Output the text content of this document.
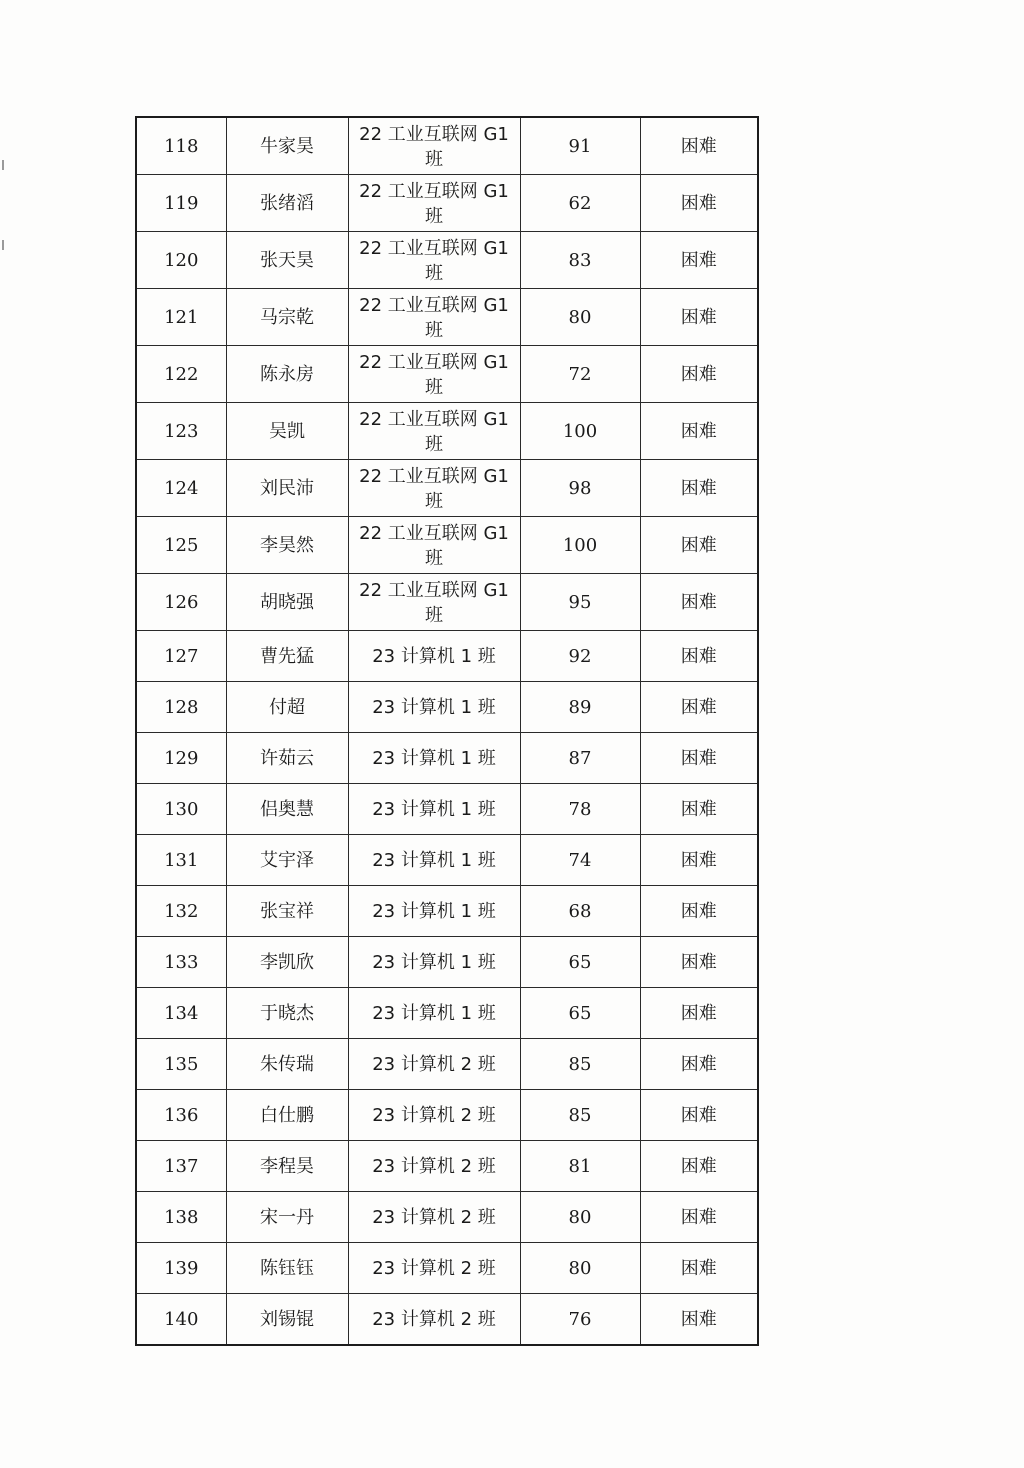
118	牛家昊	22 工业互联网 G1 班	91	困难
119	张绪滔	22 工业互联网 G1 班	62	困难
120	张天昊	22 工业互联网 G1 班	83	困难
121	马宗乾	22 工业互联网 G1 班	80	困难
122	陈永房	22 工业互联网 G1 班	72	困难
123	吴凯	22 工业互联网 G1 班	100	困难
124	刘民沛	22 工业互联网 G1 班	98	困难
125	李昊然	22 工业互联网 G1 班	100	困难
126	胡晓强	22 工业互联网 G1 班	95	困难
127	曹先猛	23 计算机 1 班	92	困难
128	付超	23 计算机 1 班	89	困难
129	许茹云	23 计算机 1 班	87	困难
130	侣奥慧	23 计算机 1 班	78	困难
131	艾宇泽	23 计算机 1 班	74	困难
132	张宝祥	23 计算机 1 班	68	困难
133	李凯欣	23 计算机 1 班	65	困难
134	于晓杰	23 计算机 1 班	65	困难
135	朱传瑞	23 计算机 2 班	85	困难
136	白仕鹏	23 计算机 2 班	85	困难
137	李程昊	23 计算机 2 班	81	困难
138	宋一丹	23 计算机 2 班	80	困难
139	陈钰钰	23 计算机 2 班	80	困难
140	刘锡锟	23 计算机 2 班	76	困难
